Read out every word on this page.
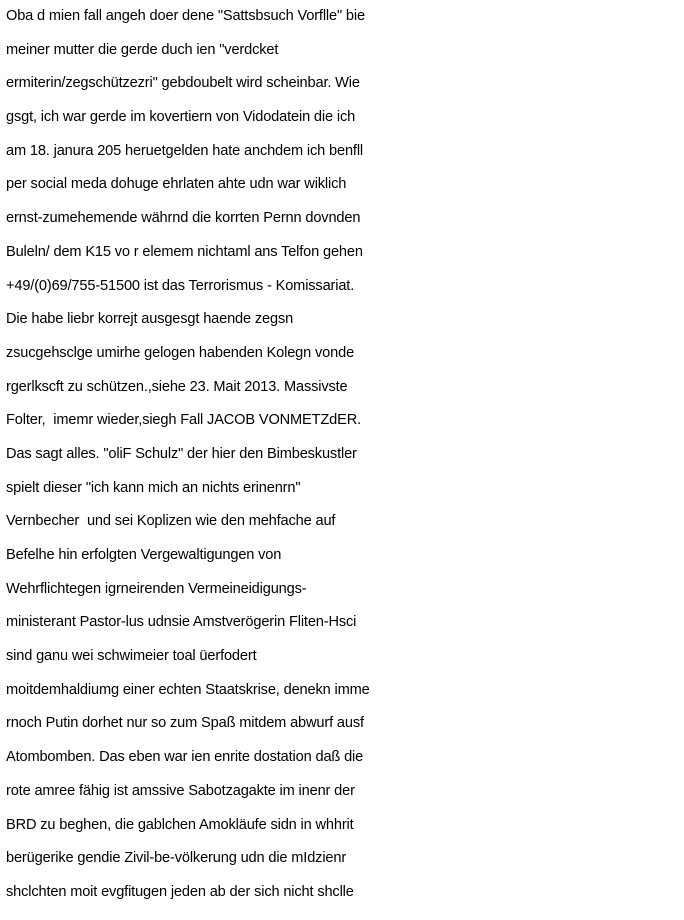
Oba d mien fall angeh doer dene "Sattsbsuch Vorflle" bie
meiner mutter die gerde duch ien "verdcket
ermiterin/zegschützezri" gebdoubelt wird scheinbar. Wie
gsgt, ich war gerde im kovertiern von Vidodatein die ich
am 18. janura 205 heruetgelden hate anchdem ich benfll
per social meda dohuge ehrlaten ahte udn war wiklich
ernst-zumehemende währnd die korrten Pernn dovnden
Buleln/ dem K15 vo r elemem nichtaml ans Telfon gehen
+49/(0)69/755-51500 ist das Terrorismus - Komissariat.
Die habe liebr korrejt ausgesgt haende zegsn
zsucgehsclge umirhe gelogen habenden Kolegn vonde
rgerlkscft zu schützen.,siehe 23. Mait 2013. Massivste
Folter,  imemr wieder,siegh Fall JACOB VONMETZdER.
Das sagt alles. "oliF Schulz" der hier den Bimbeskustler
spielt dieser "ich kann mich an nichts erinenrn"
Vernbecher  und sei Koplizen wie den mehfache auf
Befelhe hin erfolgten Vergewaltigungen von
Wehrflichtegen igrneirenden Vermeineidigungs-
ministerant Pastor-lus udnsie Amstverögerin Fliten-Hsci
sind ganu wei schwimeier toal üerfodert
moitdemhaldiumg einer echten Staatskrise, denekn imme
rnoch Putin dorhet nur so zum Spaß mitdem abwurf ausf
Atombomben. Das eben war ien enrite dostation daß die
rote amree fähig ist amssive Sabotzagakte im inenr der
BRD zu beghen, die gablchen Amokläufe sidn in whhrit
berügerike gendie Zivil-be-völkerung udn die mIdzienr
shclchten moit evgfitugen jeden ab der sich nicht shclle
